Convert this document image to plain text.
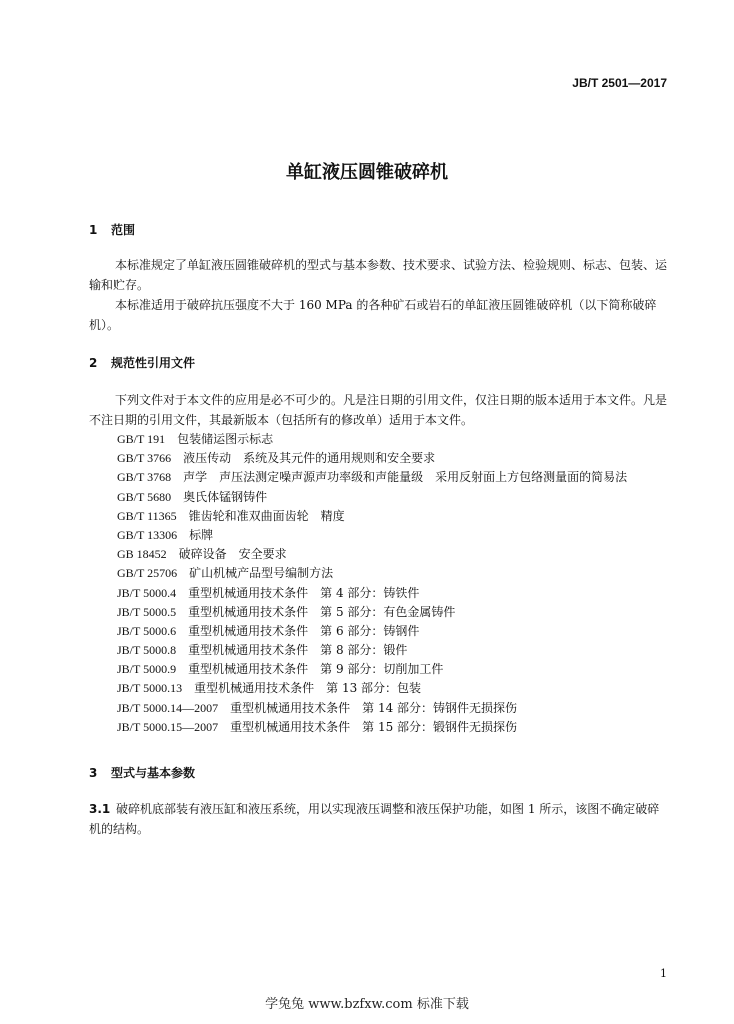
JB/T 2501—2017
单缸液压圆锥破碎机
1 范围

本标准规定了单缸液压圆锥破碎机的型式与基本参数、技术要求、试验方法、检验规则、标志、包装、运输和贮存。

本标准适用于破碎抗压强度不大于 160 MPa 的各种矿石或岩石的单缸液压圆锥破碎机（以下简称破碎机）。

2 规范性引用文件

下列文件对于本文件的应用是必不可少的。凡是注日期的引用文件，仅注日期的版本适用于本文件。凡是不注日期的引用文件，其最新版本（包括所有的修改单）适用于本文件。

GB/T 191 包装储运图示标志
GB/T 3766 液压传动　系统及其元件的通用规则和安全要求
GB/T 3768 声学　声压法测定噪声源声功率级和声能量级　采用反射面上方包络测量面的简易法
GB/T 5680 奥氏体锰钢铸件
GB/T 11365 锥齿轮和准双曲面齿轮　精度
GB/T 13306 标牌
GB 18452 破碎设备　安全要求
GB/T 25706 矿山机械产品型号编制方法
JB/T 5000.4 重型机械通用技术条件　第 4 部分：铸铁件
JB/T 5000.5 重型机械通用技术条件　第 5 部分：有色金属铸件
JB/T 5000.6 重型机械通用技术条件　第 6 部分：铸钢件
JB/T 5000.8 重型机械通用技术条件　第 8 部分：锻件
JB/T 5000.9 重型机械通用技术条件　第 9 部分：切削加工件
JB/T 5000.13 重型机械通用技术条件　第 13 部分：包装
JB/T 5000.14—2007 重型机械通用技术条件　第 14 部分：铸钢件无损探伤
JB/T 5000.15—2007 重型机械通用技术条件　第 15 部分：锻钢件无损探伤
3 型式与基本参数

3.1 破碎机底部装有液压缸和液压系统，用以实现液压调整和液压保护功能，如图 1 所示，该图不确定破碎机的结构。

1
学兔兔 www.bzfxw.com 标准下载
